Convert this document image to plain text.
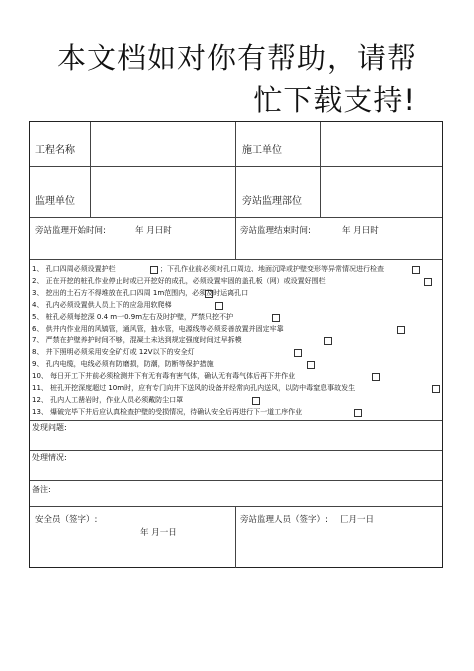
本文档如对你有帮助，请帮
忙下载支持!
工程名称	施工单位
监理单位	旁站监理部位
旁站监理开始时间:	年 月曰时	旁站监理结束时间:	年 月曰时
1、 孔口四周必须设置护栏
2、 正在开挖的桩孔作业停止时或已开挖好的成孔，必须设置牢固的盖孔板（网）或设置好围栏
3、 挖出的土石方不得堆放在孔口四周 1m范围内，必须及时运离孔口
4、 孔内必须设置供人员上下的应急用软爬梯
5、 桩孔必须每挖深 0.4 m一0.9m左右及时护壁，严禁只挖不护
6、 供井内作业用的风镐管，通风管，抽水管，电源线等必须妥善放置并固定牢靠
7、 严禁在护壁养护时间不够，混凝土未达到规定强度时间过早拆模
8、 井下照明必须采用安全矿灯或 12V以下的安全灯
9、 孔内电缆，电线必须有防磨损，防潮，防断等保护措施
10、 每日开工下井前必须检测井下有无有毒有害气体，确认无有毒气体后再下井作业
11、 桩孔开挖深度超过 10m时，应有专门向井下送风的设备并经常向孔内送风，以防中毒窒息事故发生
12、 孔内人工凿岩时，作业人员必须戴防尘口罩
13、 爆破完毕下井后应认真检查护壁的受损情况，待确认安全后再进行下一道工序作业
；下孔作业前必须对孔口周边、地面沉降或护壁变形等异常情况进行检查
发现问题:
处理情况:
备注:
安全员（签字）:
年 月一日
旁站监理人员（签字）: 匚月一日
